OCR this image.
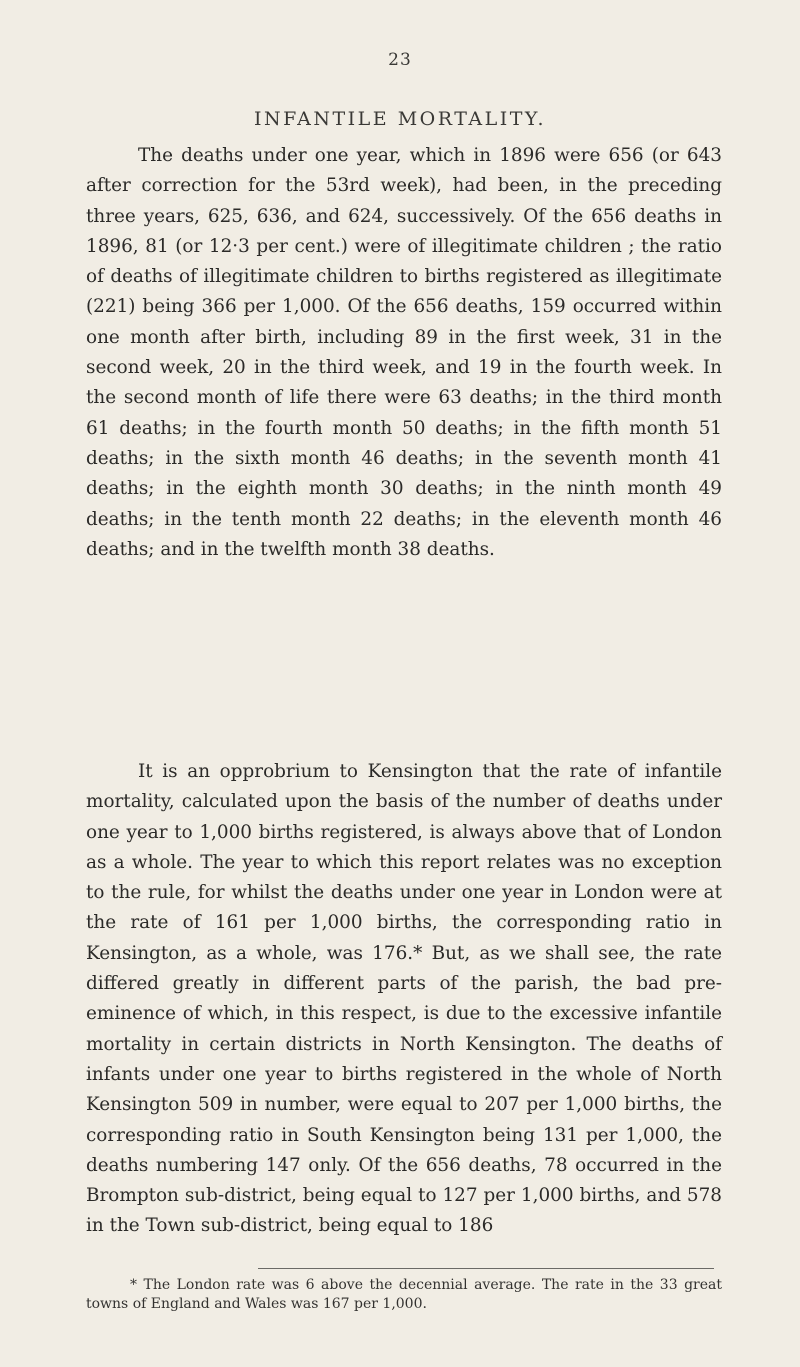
23
INFANTILE MORTALITY.

The deaths under one year, which in 1896 were 656 (or 643 after correction for the 53rd week), had been, in the preceding three years, 625, 636, and 624, successively. Of the 656 deaths in 1896, 81 (or 12·3 per cent.) were of illegitimate children ; the ratio of deaths of illegitimate children to births registered as illegitimate (221) being 366 per 1,000. Of the 656 deaths, 159 occurred within one month after birth, including 89 in the first week, 31 in the second week, 20 in the third week, and 19 in the fourth week. In the second month of life there were 63 deaths; in the third month 61 deaths; in the fourth month 50 deaths; in the fifth month 51 deaths; in the sixth month 46 deaths; in the seventh month 41 deaths; in the eighth month 30 deaths; in the ninth month 49 deaths; in the tenth month 22 deaths; in the eleventh month 46 deaths; and in the twelfth month 38 deaths.

It is an opprobrium to Kensington that the rate of infantile mortality, calculated upon the basis of the number of deaths under one year to 1,000 births registered, is always above that of London as a whole. The year to which this report relates was no exception to the rule, for whilst the deaths under one year in London were at the rate of 161 per 1,000 births, the corresponding ratio in Kensington, as a whole, was 176.* But, as we shall see, the rate differed greatly in different parts of the parish, the bad pre-eminence of which, in this respect, is due to the excessive infantile mortality in certain districts in North Kensington. The deaths of infants under one year to births registered in the whole of North Kensington 509 in number, were equal to 207 per 1,000 births, the corresponding ratio in South Kensington being 131 per 1,000, the deaths numbering 147 only. Of the 656 deaths, 78 occurred in the Brompton sub-district, being equal to 127 per 1,000 births, and 578 in the Town sub-district, being equal to 186

* The London rate was 6 above the decennial average. The rate in the 33 great towns of England and Wales was 167 per 1,000.
